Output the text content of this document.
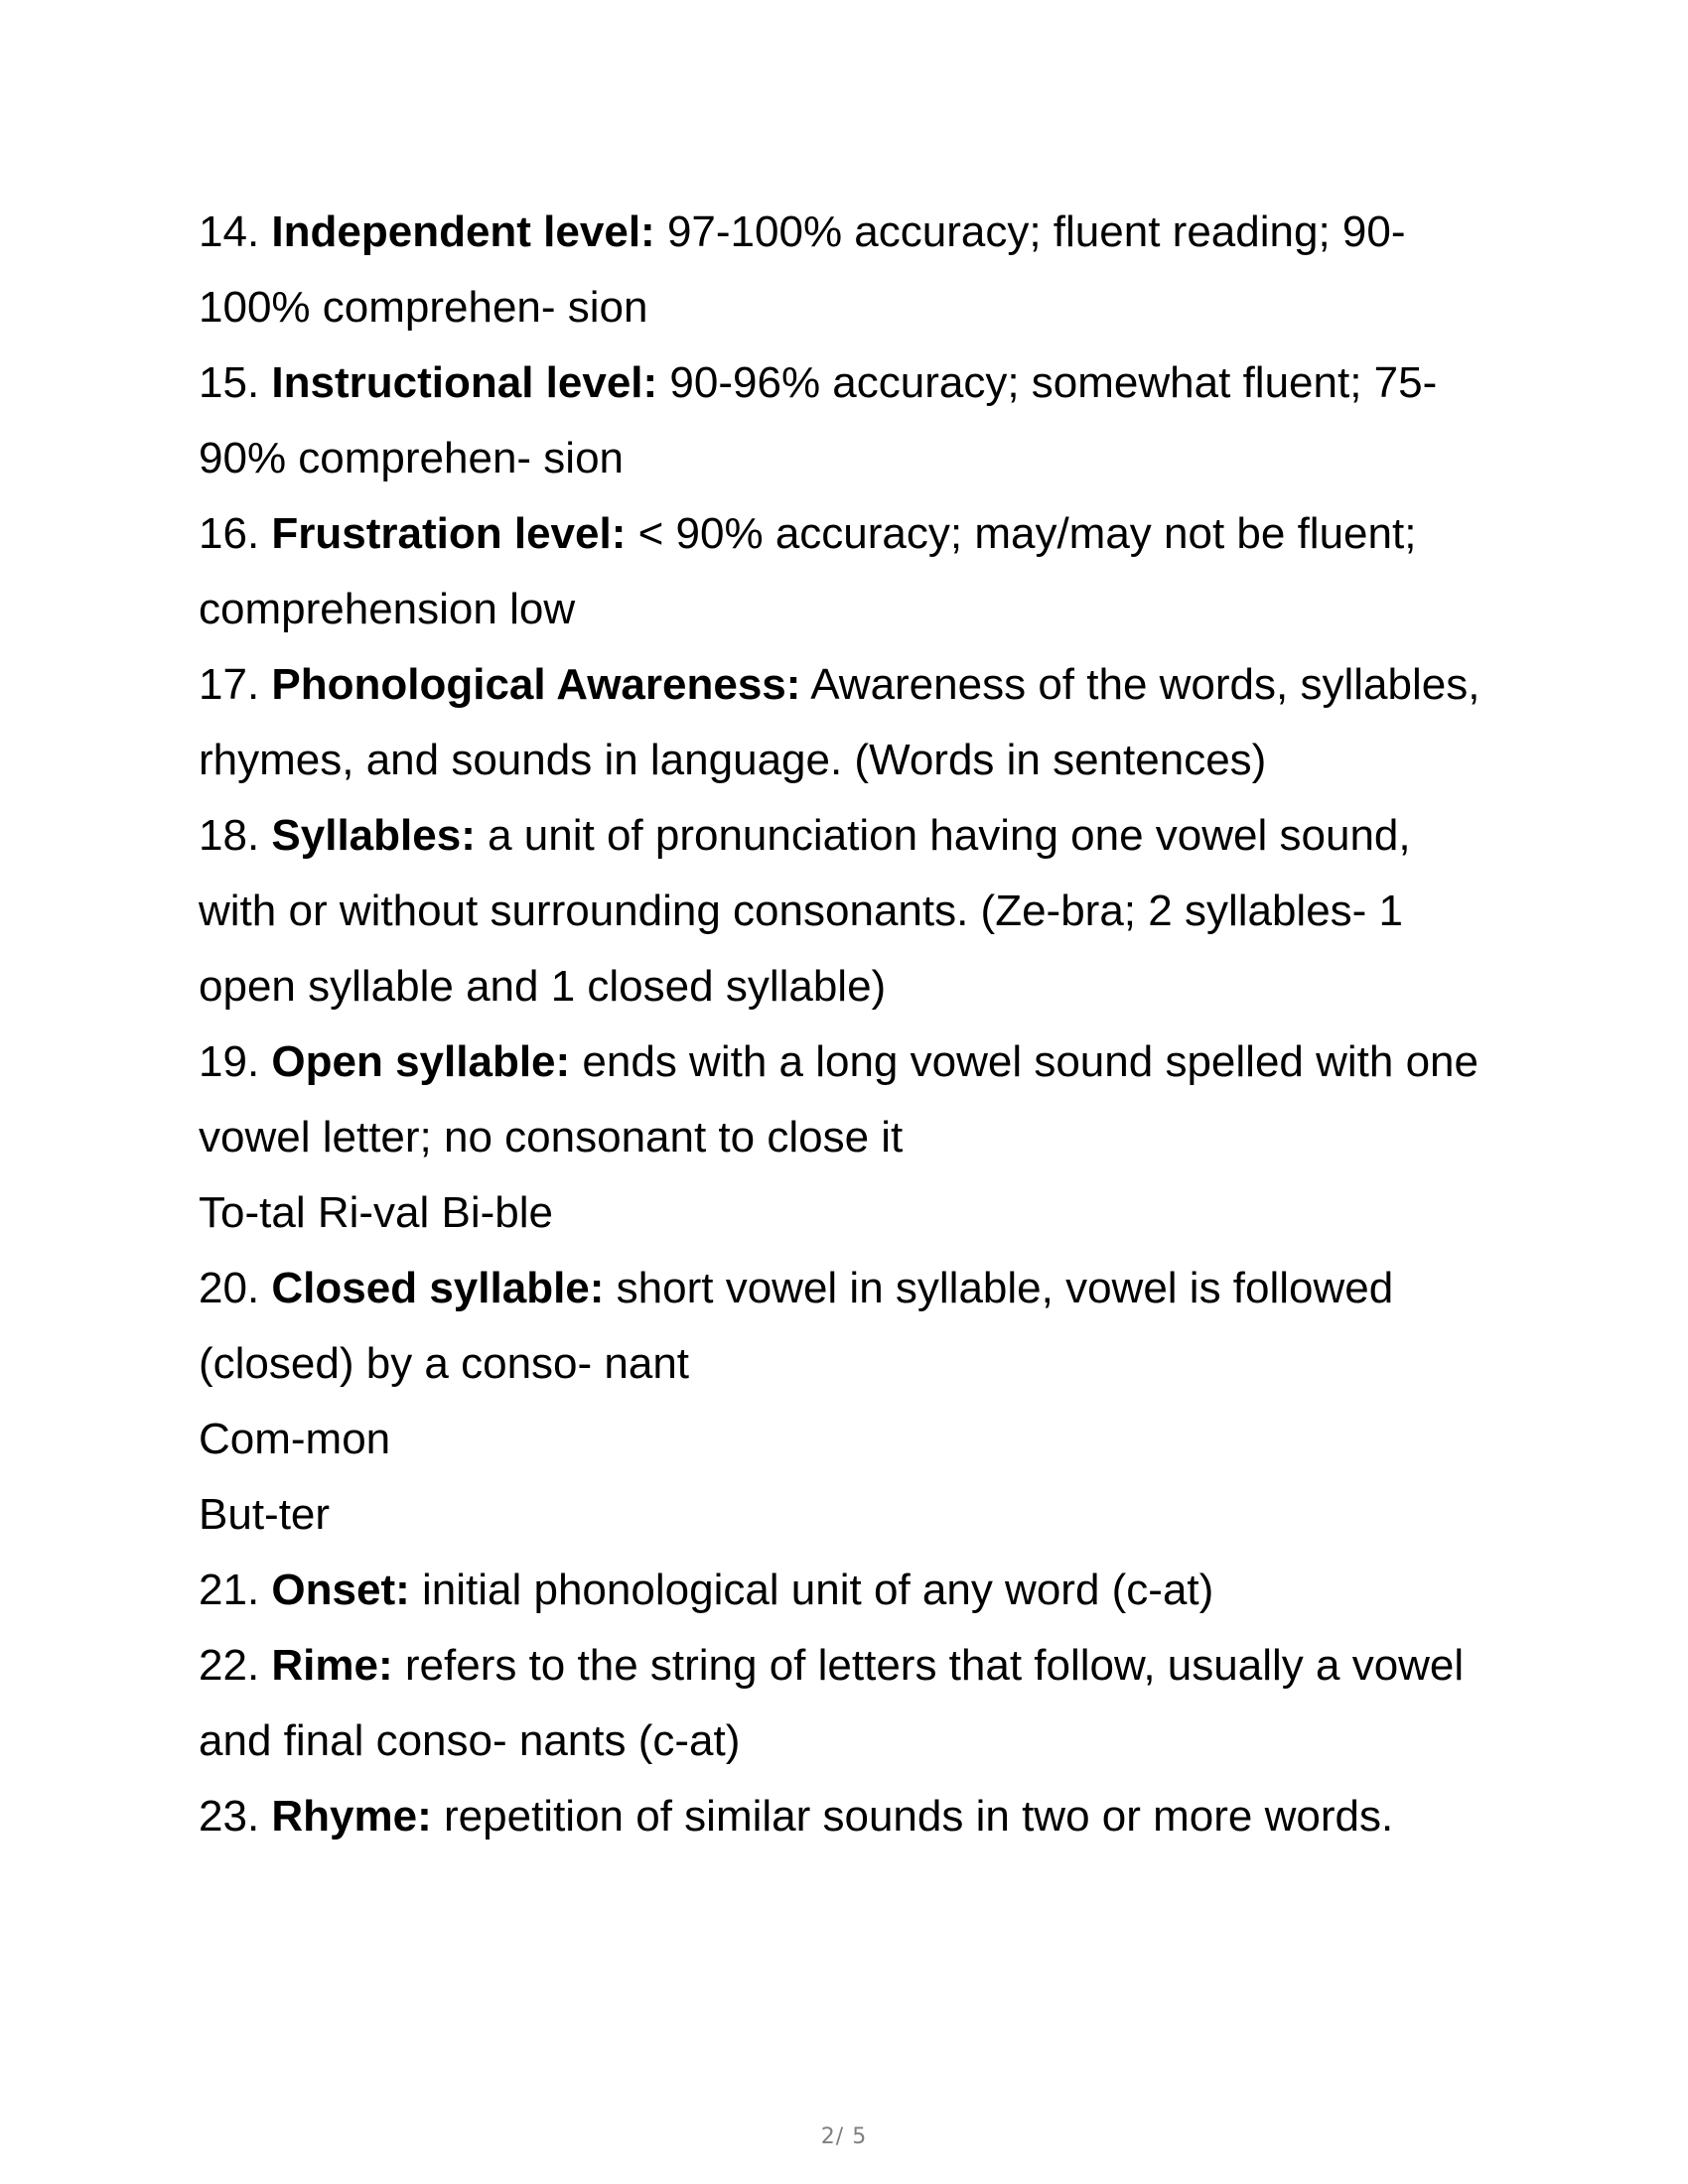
14. Independent level: 97-100% accuracy; fluent reading; 90-
100% comprehen- sion
15. Instructional level: 90-96% accuracy; somewhat fluent; 75-
90% comprehen- sion
16. Frustration level: < 90% accuracy; may/may not be fluent;
comprehension low
17. Phonological Awareness: Awareness of the words, syllables,
rhymes, and sounds in language. (Words in sentences)
18. Syllables: a unit of pronunciation having one vowel sound,
with or without surrounding consonants. (Ze-bra; 2 syllables- 1
open syllable and 1 closed syllable)
19. Open syllable: ends with a long vowel sound spelled with one
vowel letter; no consonant to close it
To-tal Ri-val Bi-ble
20. Closed syllable: short vowel in syllable, vowel is followed
(closed) by a conso- nant
Com-mon
But-ter
21. Onset: initial phonological unit of any word (c-at)
22. Rime: refers to the string of letters that follow, usually a vowel
and final conso- nants (c-at)
23. Rhyme: repetition of similar sounds in two or more words.
2/ 5
